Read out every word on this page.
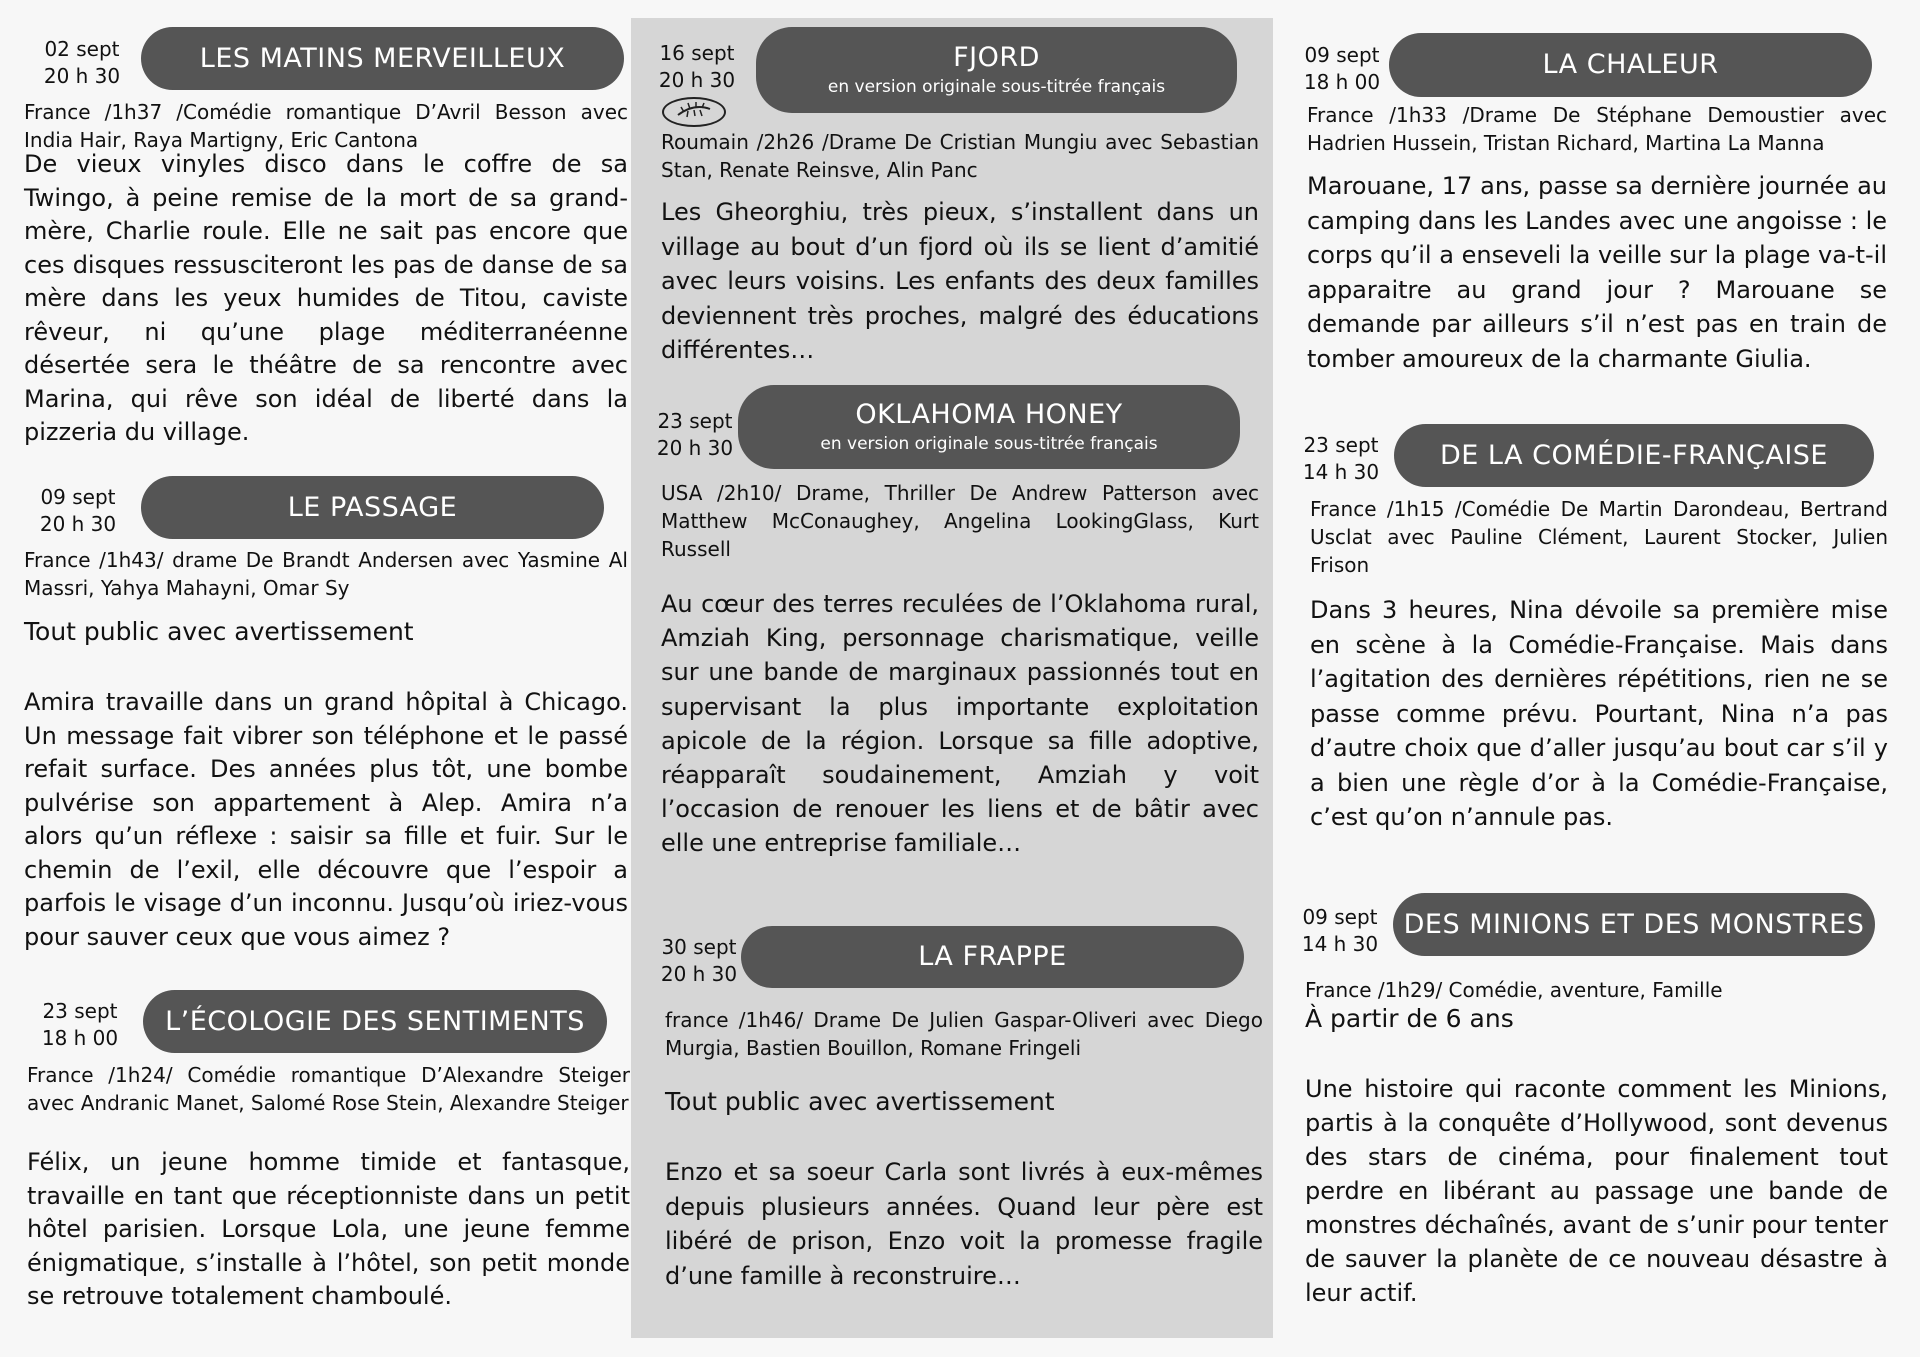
02 sept
20 h 30
LES MATINS MERVEILLEUX
France /1h37 /Comédie romantique D’Avril Besson avec India Hair, Raya Martigny, Eric Cantona
De vieux vinyles disco dans le coffre de sa Twingo, à peine remise de la mort de sa grand-mère, Charlie roule. Elle ne sait pas encore que ces disques ressusciteront les pas de danse de sa mère dans les yeux humides de Titou, caviste rêveur, ni qu’une plage méditerranéenne désertée sera le théâtre de sa rencontre avec Marina, qui rêve son idéal de liberté dans la pizzeria du village.
09 sept
20 h 30
LE PASSAGE
France /1h43/ drame De Brandt Andersen avec Yasmine Al Massri, Yahya Mahayni, Omar Sy
Tout public avec avertissement
Amira travaille dans un grand hôpital à Chicago. Un message fait vibrer son téléphone et le passé refait surface. Des années plus tôt, une bombe pulvérise son appartement à Alep. Amira n’a alors qu’un réflexe : saisir sa fille et fuir. Sur le chemin de l’exil, elle découvre que l’espoir a parfois le visage d’un inconnu. Jusqu’où iriez-vous pour sauver ceux que vous aimez ?
23 sept
18 h 00
L’ÉCOLOGIE DES SENTIMENTS
France /1h24/ Comédie romantique D’Alexandre Steiger avec Andranic Manet, Salomé Rose Stein, Alexandre Steiger
Félix, un jeune homme timide et fantasque, travaille en tant que réceptionniste dans un petit hôtel parisien. Lorsque Lola, une jeune femme énigmatique, s’installe à l’hôtel, son petit monde se retrouve totalement chamboulé.
16 sept
20 h 30
FJORD
en version originale sous-titrée français
Roumain /2h26 /Drame De Cristian Mungiu avec Sebastian Stan, Renate Reinsve, Alin Panc
Les Gheorghiu, très pieux, s’installent dans un village au bout d’un fjord où ils se lient d’amitié avec leurs voisins. Les enfants des deux familles deviennent très proches, malgré des éducations différentes…
23 sept
20 h 30
OKLAHOMA HONEY
en version originale sous-titrée français
USA /2h10/ Drame, Thriller De Andrew Patterson avec Matthew McConaughey, Angelina LookingGlass, Kurt Russell
Au cœur des terres reculées de l’Oklahoma rural, Amziah King, personnage charismatique, veille sur une bande de marginaux passionnés tout en supervisant la plus importante exploitation apicole de la région. Lorsque sa fille adoptive, réapparaît soudainement, Amziah y voit l’occasion de renouer les liens et de bâtir avec elle une entreprise familiale…
30 sept
20 h 30
LA FRAPPE
france /1h46/ Drame De Julien Gaspar-Oliveri avec Diego Murgia, Bastien Bouillon, Romane Fringeli
Tout public avec avertissement
Enzo et sa soeur Carla sont livrés à eux-mêmes depuis plusieurs années. Quand leur père est libéré de prison, Enzo voit la promesse fragile d’une famille à reconstruire…
09 sept
18 h 00
LA CHALEUR
France /1h33 /Drame De Stéphane Demoustier avec Hadrien Hussein, Tristan Richard, Martina La Manna
Marouane, 17 ans, passe sa dernière journée au camping dans les Landes avec une angoisse : le corps qu’il a enseveli la veille sur la plage va-t-il apparaitre au grand jour ? Marouane se demande par ailleurs s’il n’est pas en train de tomber amoureux de la charmante Giulia.
23 sept
14 h 30
DE LA COMÉDIE-FRANÇAISE
France /1h15 /Comédie De Martin Darondeau, Bertrand Usclat avec Pauline Clément, Laurent Stocker, Julien Frison
Dans 3 heures, Nina dévoile sa première mise en scène à la Comédie-Française. Mais dans l’agitation des dernières répétitions, rien ne se passe comme prévu. Pourtant, Nina n’a pas d’autre choix que d’aller jusqu’au bout car s’il y a bien une règle d’or à la Comédie-Française, c’est qu’on n’annule pas.
09 sept
14 h 30
DES MINIONS ET DES MONSTRES
France /1h29/ Comédie, aventure, Famille
À partir de 6 ans
Une histoire qui raconte comment les Minions, partis à la conquête d’Hollywood, sont devenus des stars de cinéma, pour finalement tout perdre en libérant au passage une bande de monstres déchaînés, avant de s’unir pour tenter de sauver la planète de ce nouveau désastre à leur actif.
